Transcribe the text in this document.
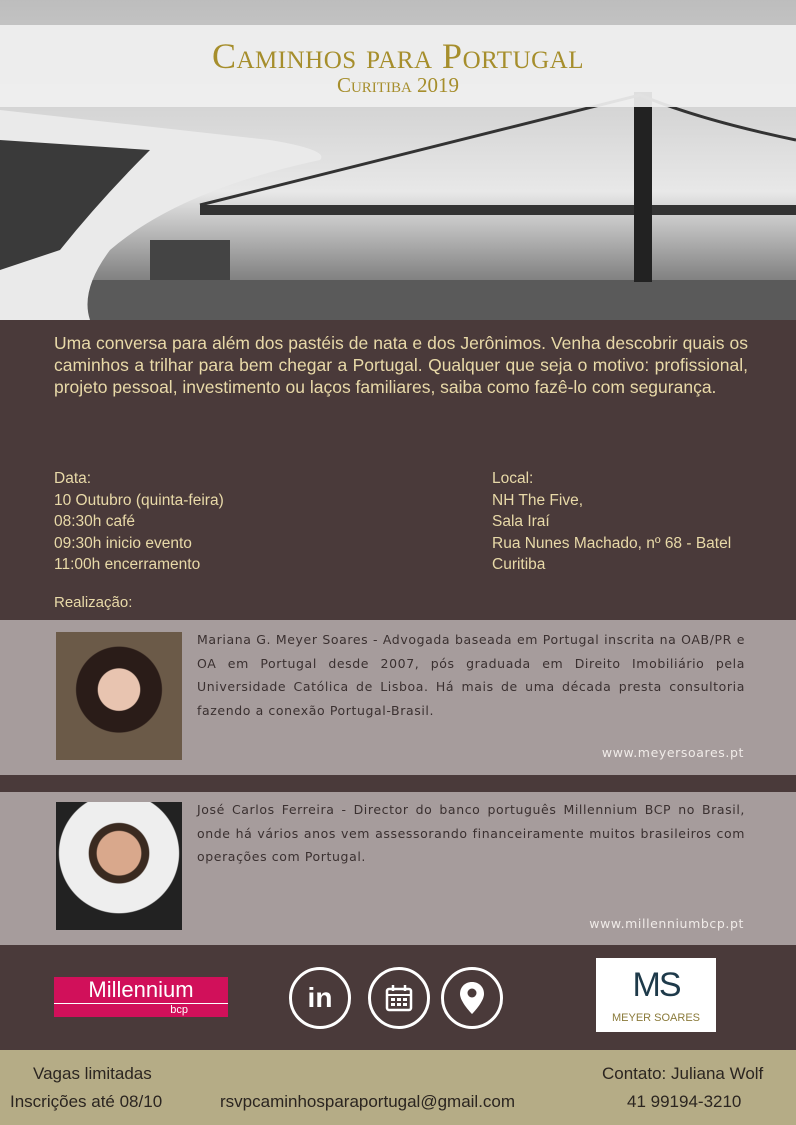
Caminhos para Portugal
Curitiba 2019

Uma conversa para além dos pastéis de nata e dos Jerônimos. Venha descobrir quais os caminhos a trilhar para bem chegar a Portugal. Qualquer que seja o motivo: profissional, projeto pessoal, investimento ou laços familiares, saiba como fazê-lo com segurança.

Data:
10 Outubro (quinta-feira)
08:30h café
09:30h inicio evento
11:00h encerramento
Local:
NH The Five,
Sala Iraí
Rua Nunes Machado, nº 68 - Batel
Curitiba
Realização:

Mariana G. Meyer Soares - Advogada baseada em Portugal inscrita na OAB/PR e OA em Portugal desde 2007, pós graduada em Direito Imobiliário pela Universidade Católica de Lisboa. Há mais de uma década presta consultoria fazendo a conexão Portugal-Brasil.

www.meyersoares.pt

José Carlos Ferreira - Director do banco português Millennium BCP no Brasil, onde há vários anos vem assessorando financeiramente muitos brasileiros com operações com Portugal.

www.millenniumbcp.pt
Millennium
bcp	in	MS
MEYER SOARES
Vagas limitadas
Inscrições até 08/10	rsvpcaminhosparaportugal@gmail.com
Contato: Juliana Wolf
41 99194-3210
